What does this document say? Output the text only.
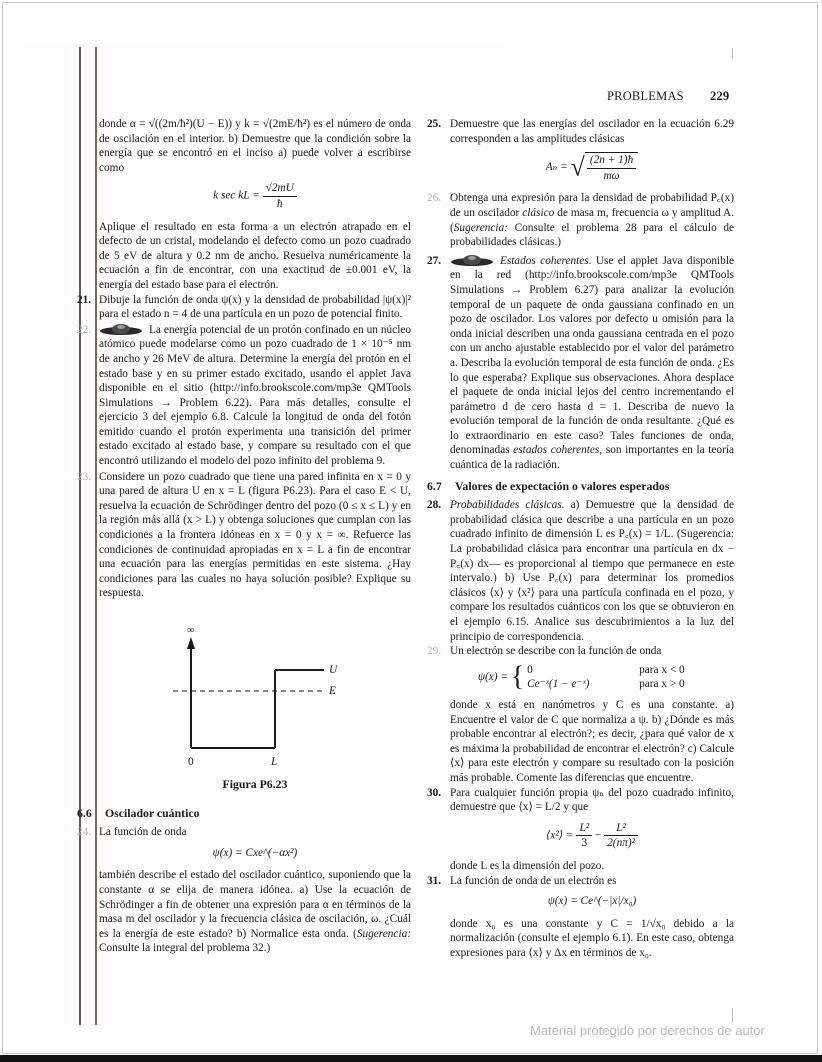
PROBLEMAS 229

donde α = √((2m/ħ²)(U − E)) y k = √(2mE/ħ²) es el número de onda de oscilación en el interior. b) Demuestre que la condición sobre la energía que se encontró en el inciso a) puede volver a escribirse como

k sec kL = $\frac{√2mU}{ħ}$

Aplique el resultado en esta forma a un electrón atrapado en el defecto de un cristal, modelando el defecto como un pozo cuadrado de 5 eV de altura y 0.2 nm de ancho. Resuelva numéricamente la ecuación a fin de encontrar, con una exactitud de ±0.001 eV, la energía del estado base para el electrón.

21. Dibuje la función de onda ψ(x) y la densidad de probabilidad |ψ(x)|² para el estado n = 4 de una partícula en un pozo de potencial finito.

22.	La energía potencial de un protón confinado en un núcleo atómico puede modelarse como un pozo cuadrado de 1 × 10⁻⁵ nm de ancho y 26 MeV de altura. Determine la energía del protón en el estado base y en su primer estado excitado, usando el applet Java disponible en el sitio (http://info.brookscole.com/mp3e QMTools Simulations → Problem 6.22). Para más detalles, consulte el ejercicio 3 del ejemplo 6.8. Calcule la longitud de onda del fotón emitido cuando el protón experimenta una transición del primer estado excitado al estado base, y compare su resultado con el que encontró utilizando el modelo del pozo infinito del problema 9.

23. Considere un pozo cuadrado que tiene una pared infinita en x = 0 y una pared de altura U en x = L (figura P6.23). Para el caso E < U, resuelva la ecuación de Schrödinger dentro del pozo (0 ≤ x ≤ L) y en la región más allá (x > L) y obtenga soluciones que cumplan con las condiciones a la frontera idóneas en x = 0 y x = ∞. Refuerce las condiciones de continuidad apropiadas en x = L a fin de encontrar una ecuación para las energías permitidas en este sistema. ¿Hay condiciones para las cuales no haya solución posible? Explique su respuesta.

∞
U
E
0	L
Figura P6.23
6.6 Oscilador cuántico
24. La función de onda

ψ(x) = Cxe^(−αx²)

también describe el estado del oscilador cuántico, suponiendo que la constante α se elija de manera idónea. a) Use la ecuación de Schrödinger a fin de obtener una expresión para α en términos de la masa m del oscilador y la frecuencia clásica de oscilación, ω. ¿Cuál es la energía de este estado? b) Normalice esta onda. (Sugerencia: Consulte la integral del problema 32.)

25. Demuestre que las energías del oscilador en la ecuación 6.29 corresponden a las amplitudes clásicas

Aₙ = √ $\frac{(2n + 1)ħ}{m\omega}$
26. Obtenga una expresión para la densidad de probabilidad P꜀(x) de un oscilador clásico de masa m, frecuencia ω y amplitud A. (Sugerencia: Consulte el problema 28 para el cálculo de probabilidades clásicas.)

27.	Estados coherentes. Use el applet Java disponible en la red (http://info.brookscole.com/mp3e QMTools Simulations → Problem 6.27) para analizar la evolución temporal de un paquete de onda gaussiana confinado en un pozo de oscilador. Los valores por defecto u omisión para la onda inicial describen una onda gaussiana centrada en el pozo con un ancho ajustable establecido por el valor del parámetro a. Describa la evolución temporal de esta función de onda. ¿Es lo que esperaba? Explique sus observaciones. Ahora desplace el paquete de onda inicial lejos del centro incrementando el parámetro d de cero hasta d = 1. Describa de nuevo la evolución temporal de la función de onda resultante. ¿Qué es lo extraordinario en este caso? Tales funciones de onda, denominadas estados coherentes, son importantes en la teoría cuántica de la radiación.

6.7 Valores de expectación o valores esperados
28. Probabilidades clásicas. a) Demuestre que la densidad de probabilidad clásica que describe a una partícula en un pozo cuadrado infinito de dimensión L es P꜀(x) = 1/L. (Sugerencia: La probabilidad clásica para encontrar una partícula en dx − P꜀(x) dx— es proporcional al tiempo que permanece en este intervalo.) b) Use P꜀(x) para determinar los promedios clásicos ⟨x⟩ y ⟨x²⟩ para una partícula confinada en el pozo, y compare los resultados cuánticos con los que se obtuvieron en el ejemplo 6.15. Analice sus descubrimientos a la luz del principio de correspondencia.

29. Un electrón se describe con la función de onda

ψ(x) = { 0	para x < 0
Ce⁻ˣ(1 − e⁻ˣ)	para x > 0

donde x está en nanómetros y C es una constante. a) Encuentre el valor de C que normaliza a ψ. b) ¿Dónde es más probable encontrar al electrón?; es decir, ¿para qué valor de x es máxima la probabilidad de encontrar el electrón? c) Calcule ⟨x⟩ para este electrón y compare su resultado con la posición más probable. Comente las diferencias que encuentre.

30. Para cualquier función propia ψₙ del pozo cuadrado infinito, demuestre que ⟨x⟩ = L/2 y que

⟨x²⟩ = $\frac{\text{L²}}{3} - \frac{\text{L²}}{\text{2(nπ)²}}$

donde L es la dimensión del pozo.

31. La función de onda de un electrón es

ψ(x) = Ce^(−|x|/x₀)

donde x₀ es una constante y C = 1/√x₀ debido a la normalización (consulte el ejemplo 6.1). En este caso, obtenga expresiones para ⟨x⟩ y Δx en términos de x₀.

Material protegido por derechos de autor
